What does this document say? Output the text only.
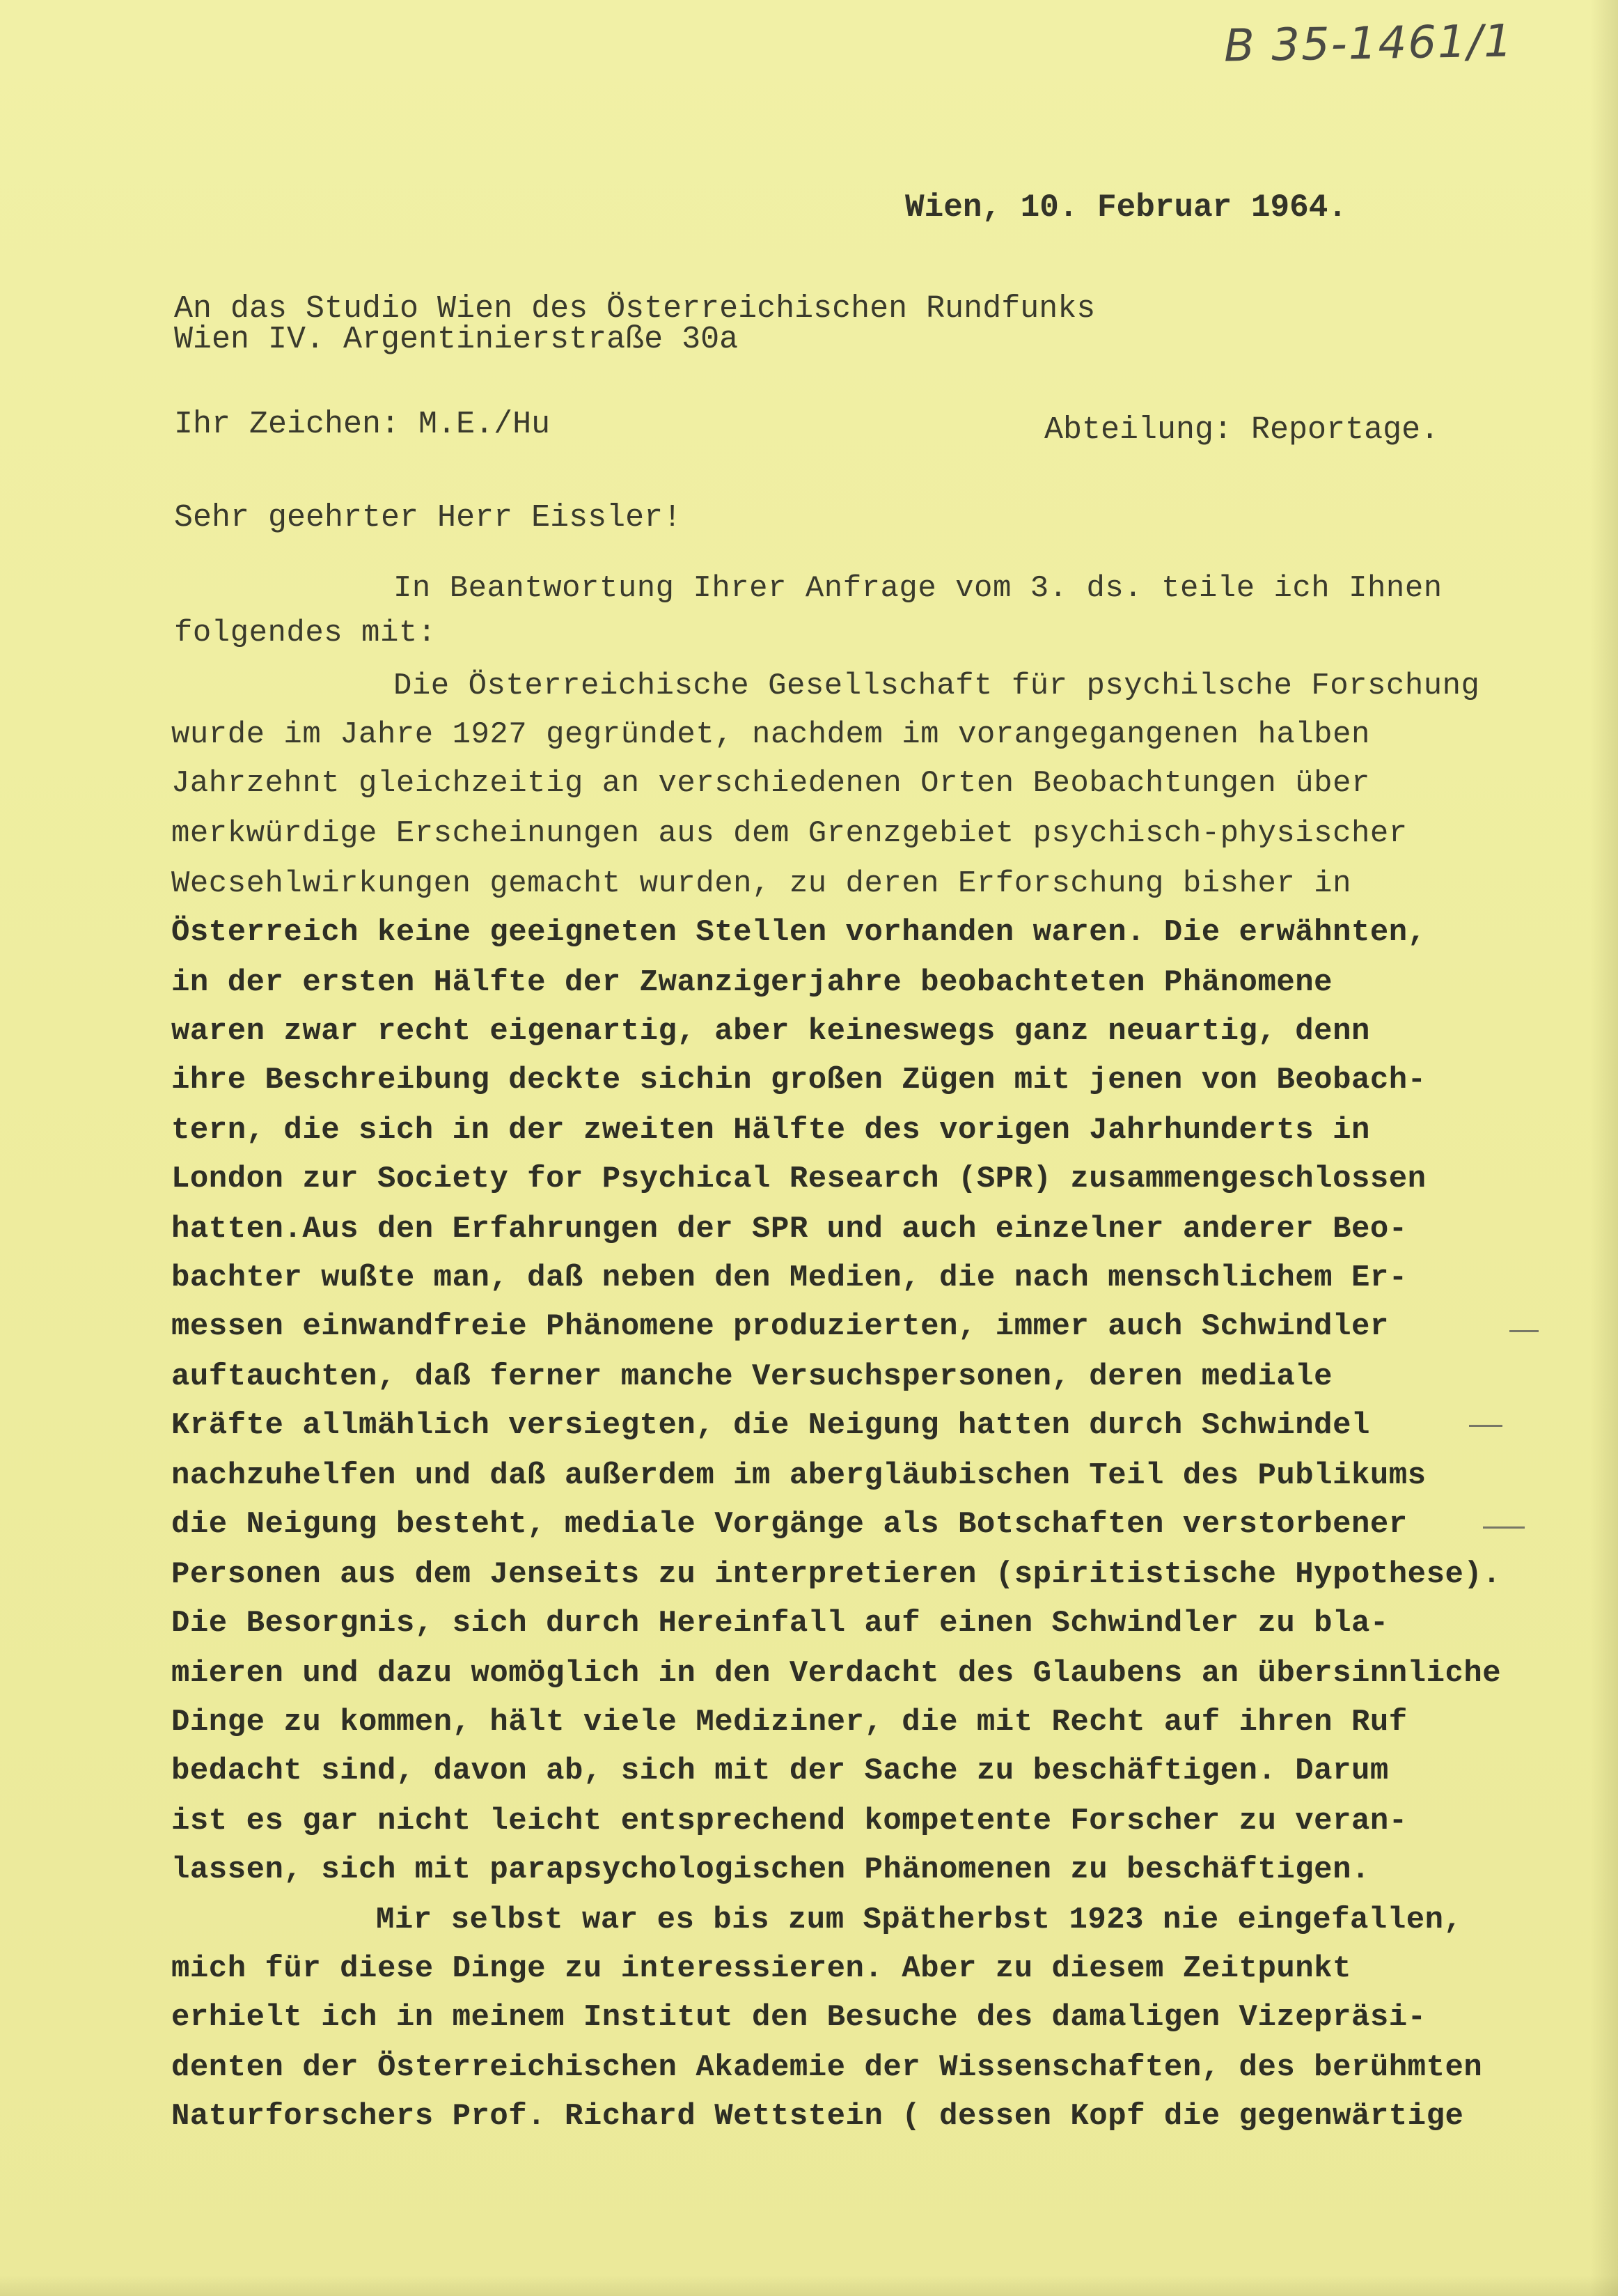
B 35-1461/1
Wien, 10. Februar 1964.
An das Studio Wien des Österreichischen Rundfunks
Wien IV. Argentinierstraße 30a
Ihr Zeichen: M.E./Hu	Abteilung: Reportage.
Sehr geehrter Herr Eissler!
In Beantwortung Ihrer Anfrage vom 3. ds. teile ich Ihnen
folgendes mit:
Die Österreichische Gesellschaft für psychilsche Forschung
wurde im Jahre 1927 gegründet, nachdem im vorangegangenen halben
Jahrzehnt gleichzeitig an verschiedenen Orten Beobachtungen über
merkwürdige Erscheinungen aus dem Grenzgebiet psychisch-physischer
Wecsehlwirkungen gemacht wurden, zu deren Erforschung bisher in
Österreich keine geeigneten Stellen vorhanden waren. Die erwähnten,
in der ersten Hälfte der Zwanzigerjahre beobachteten Phänomene
waren zwar recht eigenartig, aber keineswegs ganz neuartig, denn
ihre Beschreibung deckte sichin großen Zügen mit jenen von Beobach-
tern, die sich in der zweiten Hälfte des vorigen Jahrhunderts in
London zur Society for Psychical Research (SPR) zusammengeschlossen
hatten.Aus den Erfahrungen der SPR und auch einzelner anderer Beo-
bachter wußte man, daß neben den Medien, die nach menschlichem Er-
messen einwandfreie Phänomene produzierten, immer auch Schwindler
auftauchten, daß ferner manche Versuchspersonen, deren mediale
Kräfte allmählich versiegten, die Neigung hatten durch Schwindel
nachzuhelfen und daß außerdem im abergläubischen Teil des Publikums
die Neigung besteht, mediale Vorgänge als Botschaften verstorbener
Personen aus dem Jenseits zu interpretieren (spiritistische Hypothese).
Die Besorgnis, sich durch Hereinfall auf einen Schwindler zu bla-
mieren und dazu womöglich in den Verdacht des Glaubens an übersinnliche
Dinge zu kommen, hält viele Mediziner, die mit Recht auf ihren Ruf
bedacht sind, davon ab, sich mit der Sache zu beschäftigen. Darum
ist es gar nicht leicht entsprechend kompetente Forscher zu veran-
lassen, sich mit parapsychologischen Phänomenen zu beschäftigen.
Mir selbst war es bis zum Spätherbst 1923 nie eingefallen,
mich für diese Dinge zu interessieren. Aber zu diesem Zeitpunkt
erhielt ich in meinem Institut den Besuche des damaligen Vizepräsi-
denten der Österreichischen Akademie der Wissenschaften, des berühmten
Naturforschers Prof. Richard Wettstein ( dessen Kopf die gegenwärtige
